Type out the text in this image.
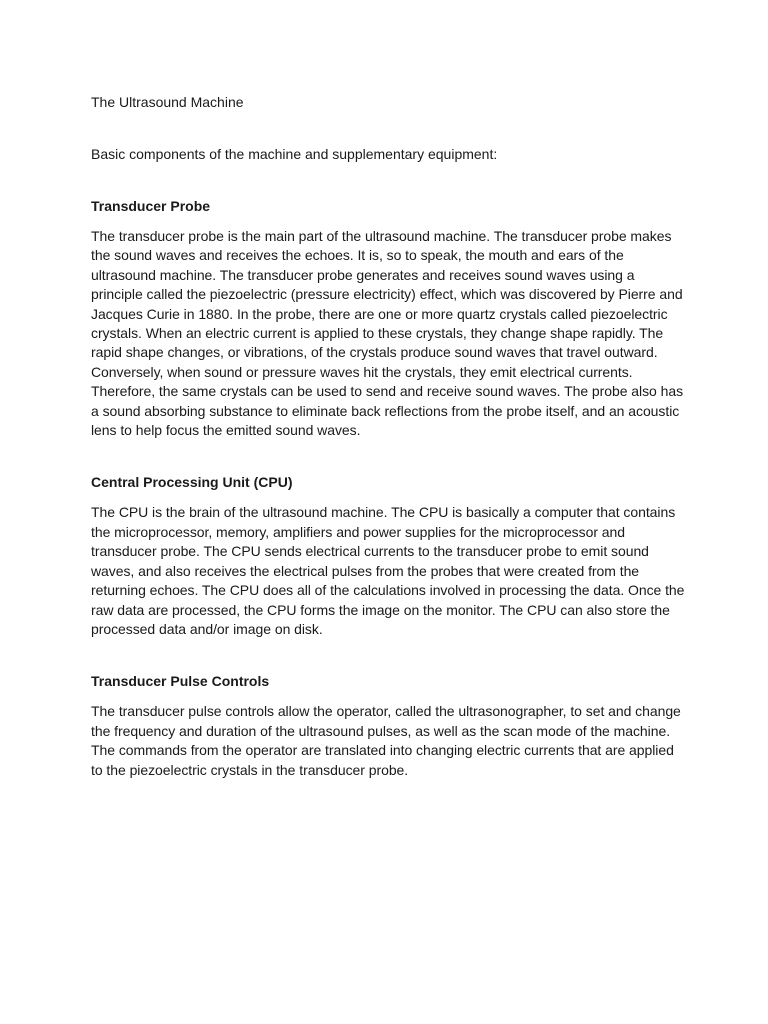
The Ultrasound Machine

Basic components of the machine and supplementary equipment:

Transducer Probe

The transducer probe is the main part of the ultrasound machine. The transducer probe makes the sound waves and receives the echoes. It is, so to speak, the mouth and ears of the ultrasound machine. The transducer probe generates and receives sound waves using a principle called the piezoelectric (pressure electricity) effect, which was discovered by Pierre and Jacques Curie in 1880. In the probe, there are one or more quartz crystals called piezoelectric crystals. When an electric current is applied to these crystals, they change shape rapidly. The rapid shape changes, or vibrations, of the crystals produce sound waves that travel outward. Conversely, when sound or pressure waves hit the crystals, they emit electrical currents. Therefore, the same crystals can be used to send and receive sound waves. The probe also has a sound absorbing substance to eliminate back reflections from the probe itself, and an acoustic lens to help focus the emitted sound waves.

Central Processing Unit (CPU)

The CPU is the brain of the ultrasound machine. The CPU is basically a computer that contains the microprocessor, memory, amplifiers and power supplies for the microprocessor and transducer probe. The CPU sends electrical currents to the transducer probe to emit sound waves, and also receives the electrical pulses from the probes that were created from the returning echoes. The CPU does all of the calculations involved in processing the data. Once the raw data are processed, the CPU forms the image on the monitor. The CPU can also store the processed data and/or image on disk.

Transducer Pulse Controls

The transducer pulse controls allow the operator, called the ultrasonographer, to set and change the frequency and duration of the ultrasound pulses, as well as the scan mode of the machine. The commands from the operator are translated into changing electric currents that are applied to the piezoelectric crystals in the transducer probe.
